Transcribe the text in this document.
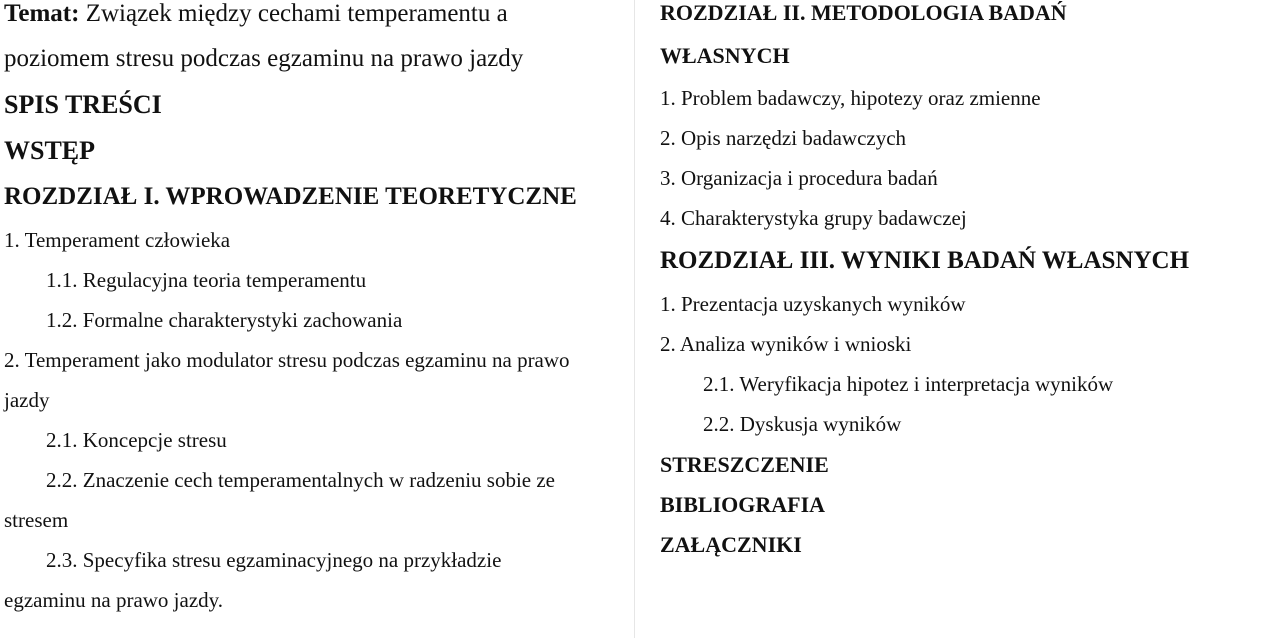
Temat: Związek między cechami temperamentu a
poziomem stresu podczas egzaminu na prawo jazdy
SPIS TREŚCI
WSTĘP
ROZDZIAŁ I. WPROWADZENIE TEORETYCZNE
1. Temperament człowieka
1.1. Regulacyjna teoria temperamentu
1.2. Formalne charakterystyki zachowania
2. Temperament jako modulator stresu podczas egzaminu na prawo
jazdy
2.1. Koncepcje stresu
2.2. Znaczenie cech temperamentalnych w radzeniu sobie ze
stresem
2.3. Specyfika stresu egzaminacyjnego na przykładzie
egzaminu na prawo jazdy.
ROZDZIAŁ II. METODOLOGIA BADAŃ
WŁASNYCH
1. Problem badawczy, hipotezy oraz zmienne
2. Opis narzędzi badawczych
3. Organizacja i procedura badań
4. Charakterystyka grupy badawczej
ROZDZIAŁ III. WYNIKI BADAŃ WŁASNYCH
1. Prezentacja uzyskanych wyników
2. Analiza wyników i wnioski
2.1. Weryfikacja hipotez i interpretacja wyników
2.2. Dyskusja wyników
STRESZCZENIE
BIBLIOGRAFIA
ZAŁĄCZNIKI
